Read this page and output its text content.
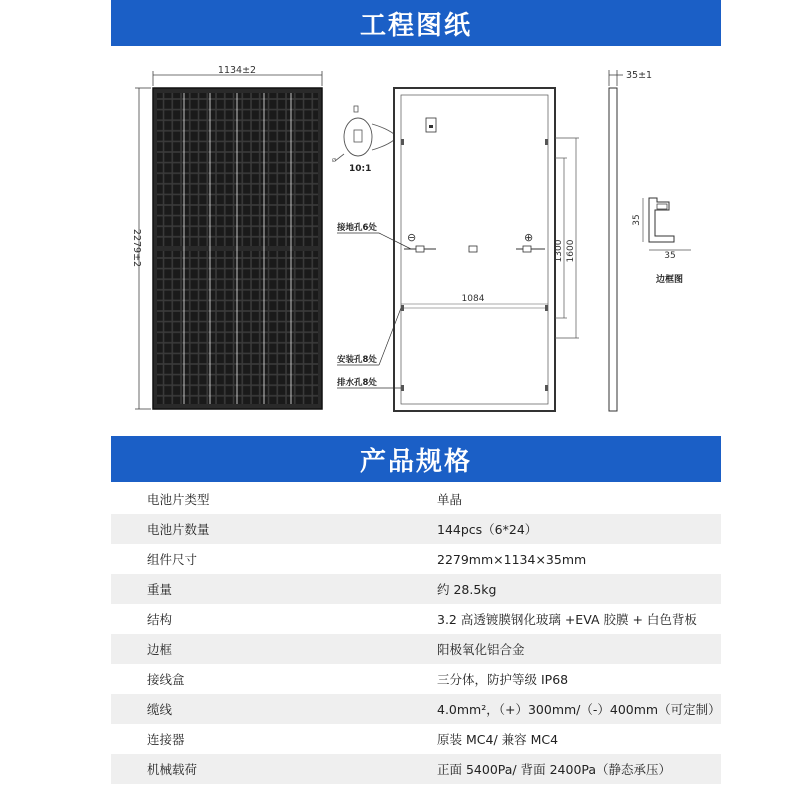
工程图纸
1134±2
2279±2
Ø
10:1
⊖	⊕
1084
1300 1600
接地孔6处
安装孔8处
排水孔8处
35±1
35
35
边框图
产品规格
电池片类型	单晶
电池片数量	144pcs（6*24）
组件尺寸	2279mm×1134×35mm
重量	约 28.5kg
结构	3.2 高透镀膜钢化玻璃 +EVA 胶膜 + 白色背板
边框	阳极氧化铝合金
接线盒	三分体，防护等级 IP68
缆线	4.0mm²，（+）300mm/（-）400mm（可定制）
连接器	原装 MC4/ 兼容 MC4
机械载荷	正面 5400Pa/ 背面 2400Pa（静态承压）
